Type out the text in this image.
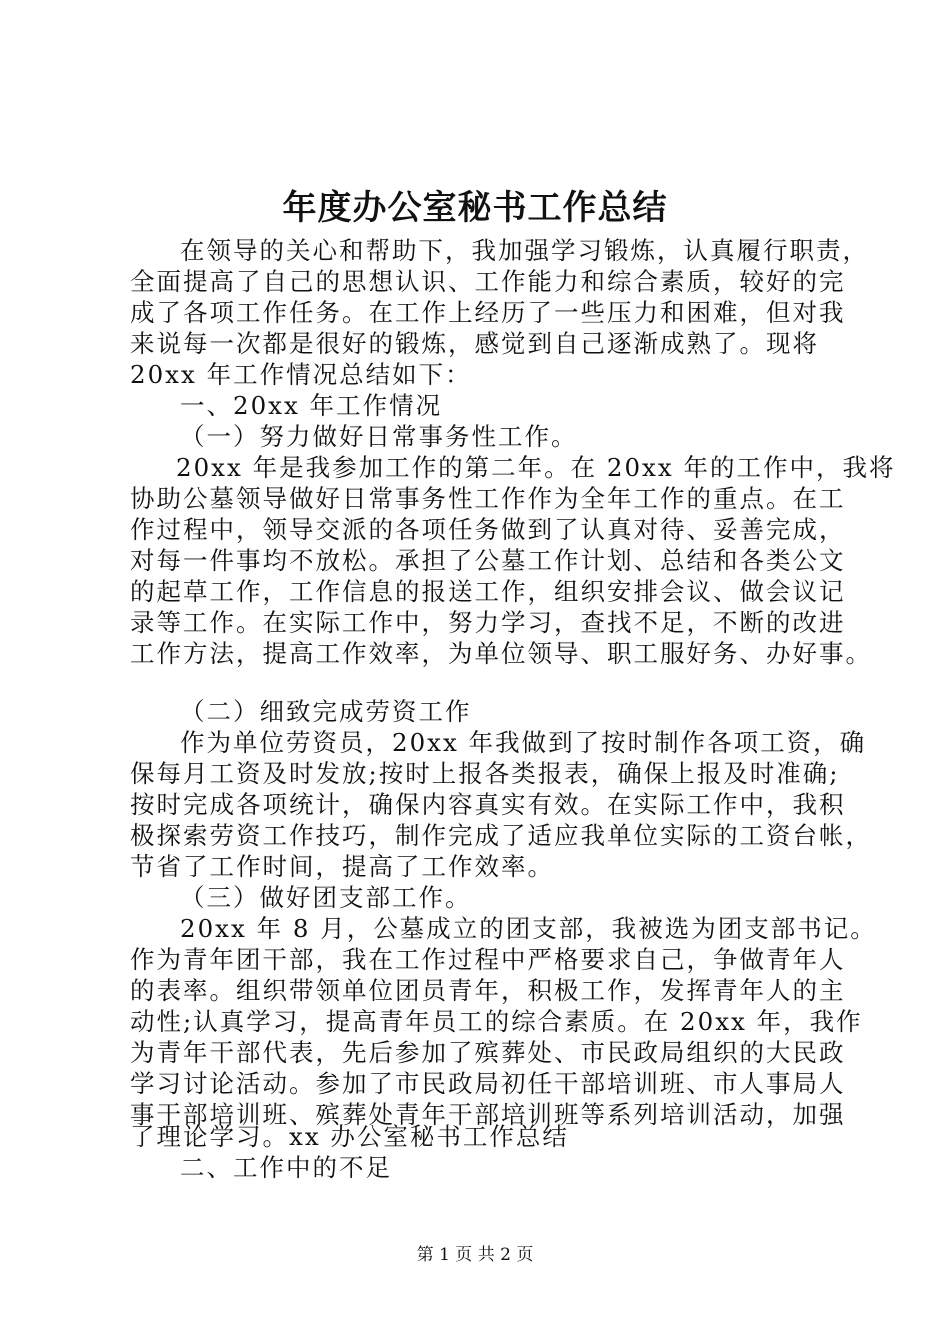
年度办公室秘书工作总结
在领导的关心和帮助下，我加强学习锻炼，认真履行职责，
全面提高了自己的思想认识、工作能力和综合素质，较好的完
成了各项工作任务。在工作上经历了一些压力和困难，但对我
来说每一次都是很好的锻炼，感觉到自己逐渐成熟了。现将
20xx 年工作情况总结如下：
一、20xx 年工作情况
（一）努力做好日常事务性工作。
20xx 年是我参加工作的第二年。在 20xx 年的工作中，我将
协助公墓领导做好日常事务性工作作为全年工作的重点。在工
作过程中，领导交派的各项任务做到了认真对待、妥善完成，
对每一件事均不放松。承担了公墓工作计划、总结和各类公文
的起草工作，工作信息的报送工作，组织安排会议、做会议记
录等工作。在实际工作中，努力学习，查找不足，不断的改进
工作方法，提高工作效率，为单位领导、职工服好务、办好事。
（二）细致完成劳资工作
作为单位劳资员，20xx 年我做到了按时制作各项工资，确
保每月工资及时发放;按时上报各类报表，确保上报及时准确;
按时完成各项统计，确保内容真实有效。在实际工作中，我积
极探索劳资工作技巧，制作完成了适应我单位实际的工资台帐，
节省了工作时间，提高了工作效率。
（三）做好团支部工作。
20xx 年 8 月，公墓成立的团支部，我被选为团支部书记。
作为青年团干部，我在工作过程中严格要求自己，争做青年人
的表率。组织带领单位团员青年，积极工作，发挥青年人的主
动性;认真学习，提高青年员工的综合素质。在 20xx 年，我作
为青年干部代表，先后参加了殡葬处、市民政局组织的大民政
学习讨论活动。参加了市民政局初任干部培训班、市人事局人
事干部培训班、殡葬处青年干部培训班等系列培训活动，加强
了理论学习。xx 办公室秘书工作总结
二、工作中的不足
第 1 页 共 2 页
